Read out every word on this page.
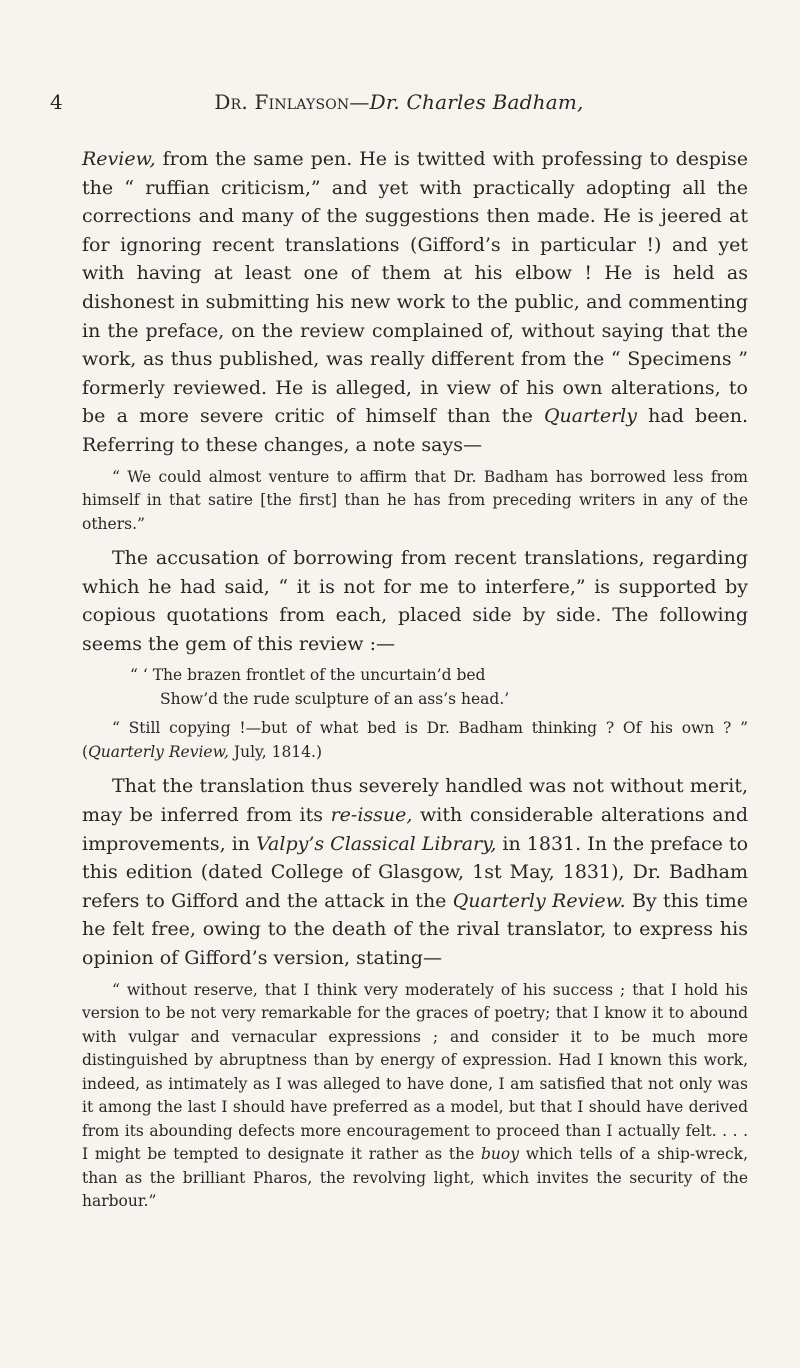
4	Dr. Finlayson—Dr. Charles Badham,

Review, from the same pen. He is twitted with professing to despise the “ ruffian criticism,” and yet with practically adopting all the corrections and many of the suggestions then made. He is jeered at for ignoring recent translations (Gifford’s in particular !) and yet with having at least one of them at his elbow ! He is held as dishonest in submitting his new work to the public, and commenting in the preface, on the review complained of, without saying that the work, as thus published, was really different from the “ Specimens ” formerly reviewed. He is alleged, in view of his own alterations, to be a more severe critic of himself than the Quarterly had been. Referring to these changes, a note says—

“ We could almost venture to affirm that Dr. Badham has borrowed less from himself in that satire [the first] than he has from preceding writers in any of the others.”

The accusation of borrowing from recent translations, regarding which he had said, “ it is not for me to interfere,” is supported by copious quotations from each, placed side by side. The following seems the gem of this review :—

“ ‘ The brazen frontlet of the uncurtain’d bed

Show’d the rude sculpture of an ass’s head.’

“ Still copying !—but of what bed is Dr. Badham thinking ? Of his own ? ” (Quarterly Review, July, 1814.)

That the translation thus severely handled was not without merit, may be inferred from its re-issue, with considerable alterations and improvements, in Valpy’s Classical Library, in 1831. In the preface to this edition (dated College of Glasgow, 1st May, 1831), Dr. Badham refers to Gifford and the attack in the Quarterly Review. By this time he felt free, owing to the death of the rival translator, to express his opinion of Gifford’s version, stating—

“ without reserve, that I think very moderately of his success ; that I hold his version to be not very remarkable for the graces of poetry; that I know it to abound with vulgar and vernacular expressions ; and consider it to be much more distinguished by abruptness than by energy of expression. Had I known this work, indeed, as intimately as I was alleged to have done, I am satisfied that not only was it among the last I should have preferred as a model, but that I should have derived from its abounding defects more encouragement to proceed than I actually felt. . . . I might be tempted to designate it rather as the buoy which tells of a ship-wreck, than as the brilliant Pharos, the revolving light, which invites the security of the harbour.”
